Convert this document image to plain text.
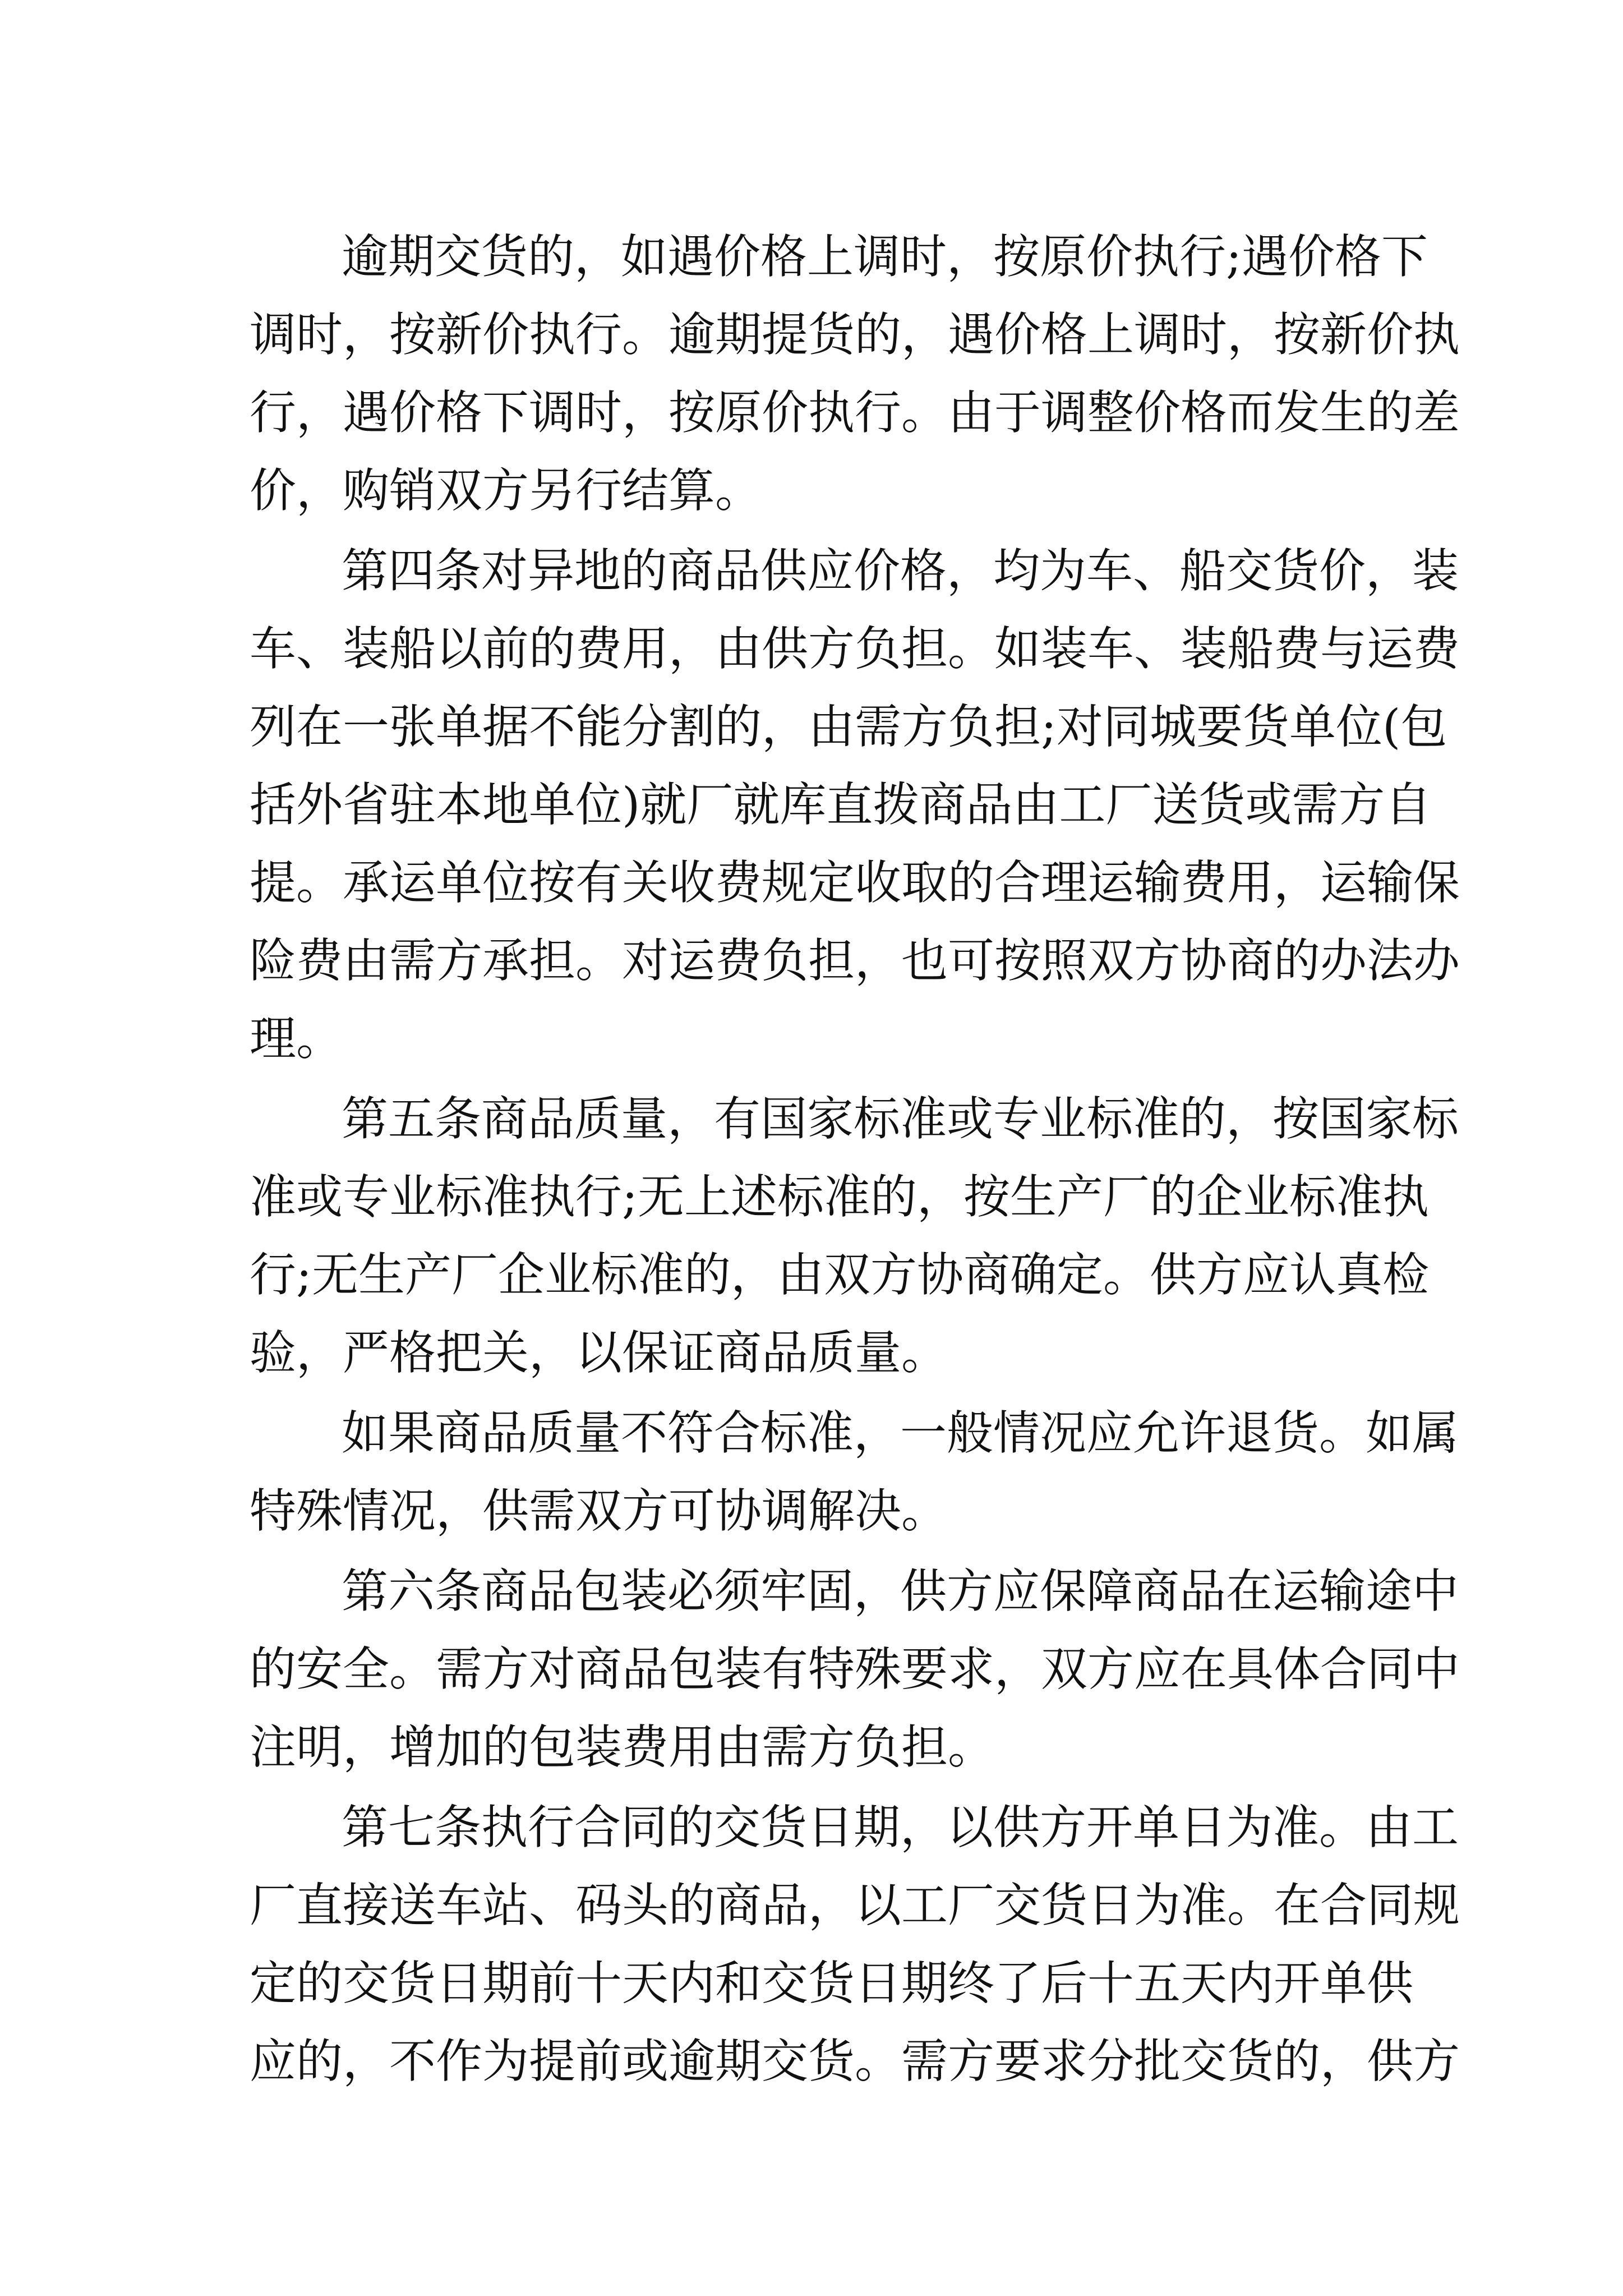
逾期交货的，如遇价格上调时，按原价执行;遇价格下
调时，按新价执行。逾期提货的，遇价格上调时，按新价执
行，遇价格下调时，按原价执行。由于调整价格而发生的差
价，购销双方另行结算。
第四条对异地的商品供应价格，均为车、船交货价，装
车、装船以前的费用，由供方负担。如装车、装船费与运费
列在一张单据不能分割的，由需方负担;对同城要货单位(包
括外省驻本地单位)就厂就库直拨商品由工厂送货或需方自
提。承运单位按有关收费规定收取的合理运输费用，运输保
险费由需方承担。对运费负担，也可按照双方协商的办法办
理。
第五条商品质量，有国家标准或专业标准的，按国家标
准或专业标准执行;无上述标准的，按生产厂的企业标准执
行;无生产厂企业标准的，由双方协商确定。供方应认真检
验，严格把关，以保证商品质量。
如果商品质量不符合标准，一般情况应允许退货。如属
特殊情况，供需双方可协调解决。
第六条商品包装必须牢固，供方应保障商品在运输途中
的安全。需方对商品包装有特殊要求，双方应在具体合同中
注明，增加的包装费用由需方负担。
第七条执行合同的交货日期，以供方开单日为准。由工
厂直接送车站、码头的商品，以工厂交货日为准。在合同规
定的交货日期前十天内和交货日期终了后十五天内开单供
应的，不作为提前或逾期交货。需方要求分批交货的，供方
